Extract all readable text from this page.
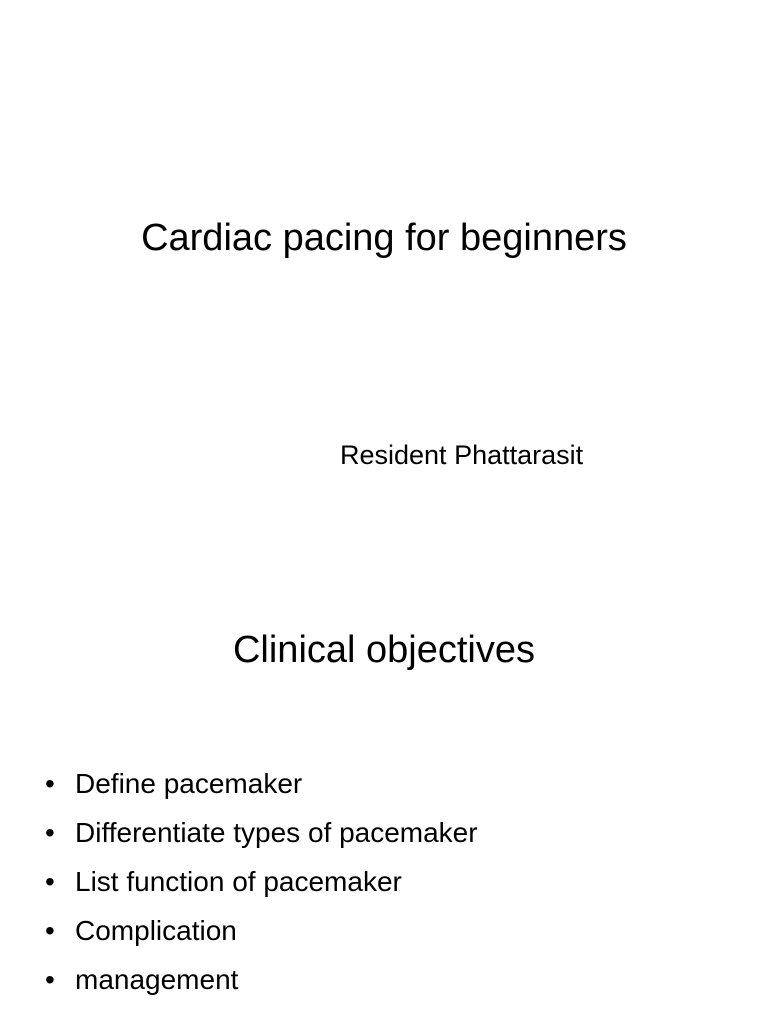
Cardiac pacing for beginners
Resident Phattarasit
Clinical objectives
• Define pacemaker
• Differentiate types of pacemaker
• List function of pacemaker
• Complication
• management
